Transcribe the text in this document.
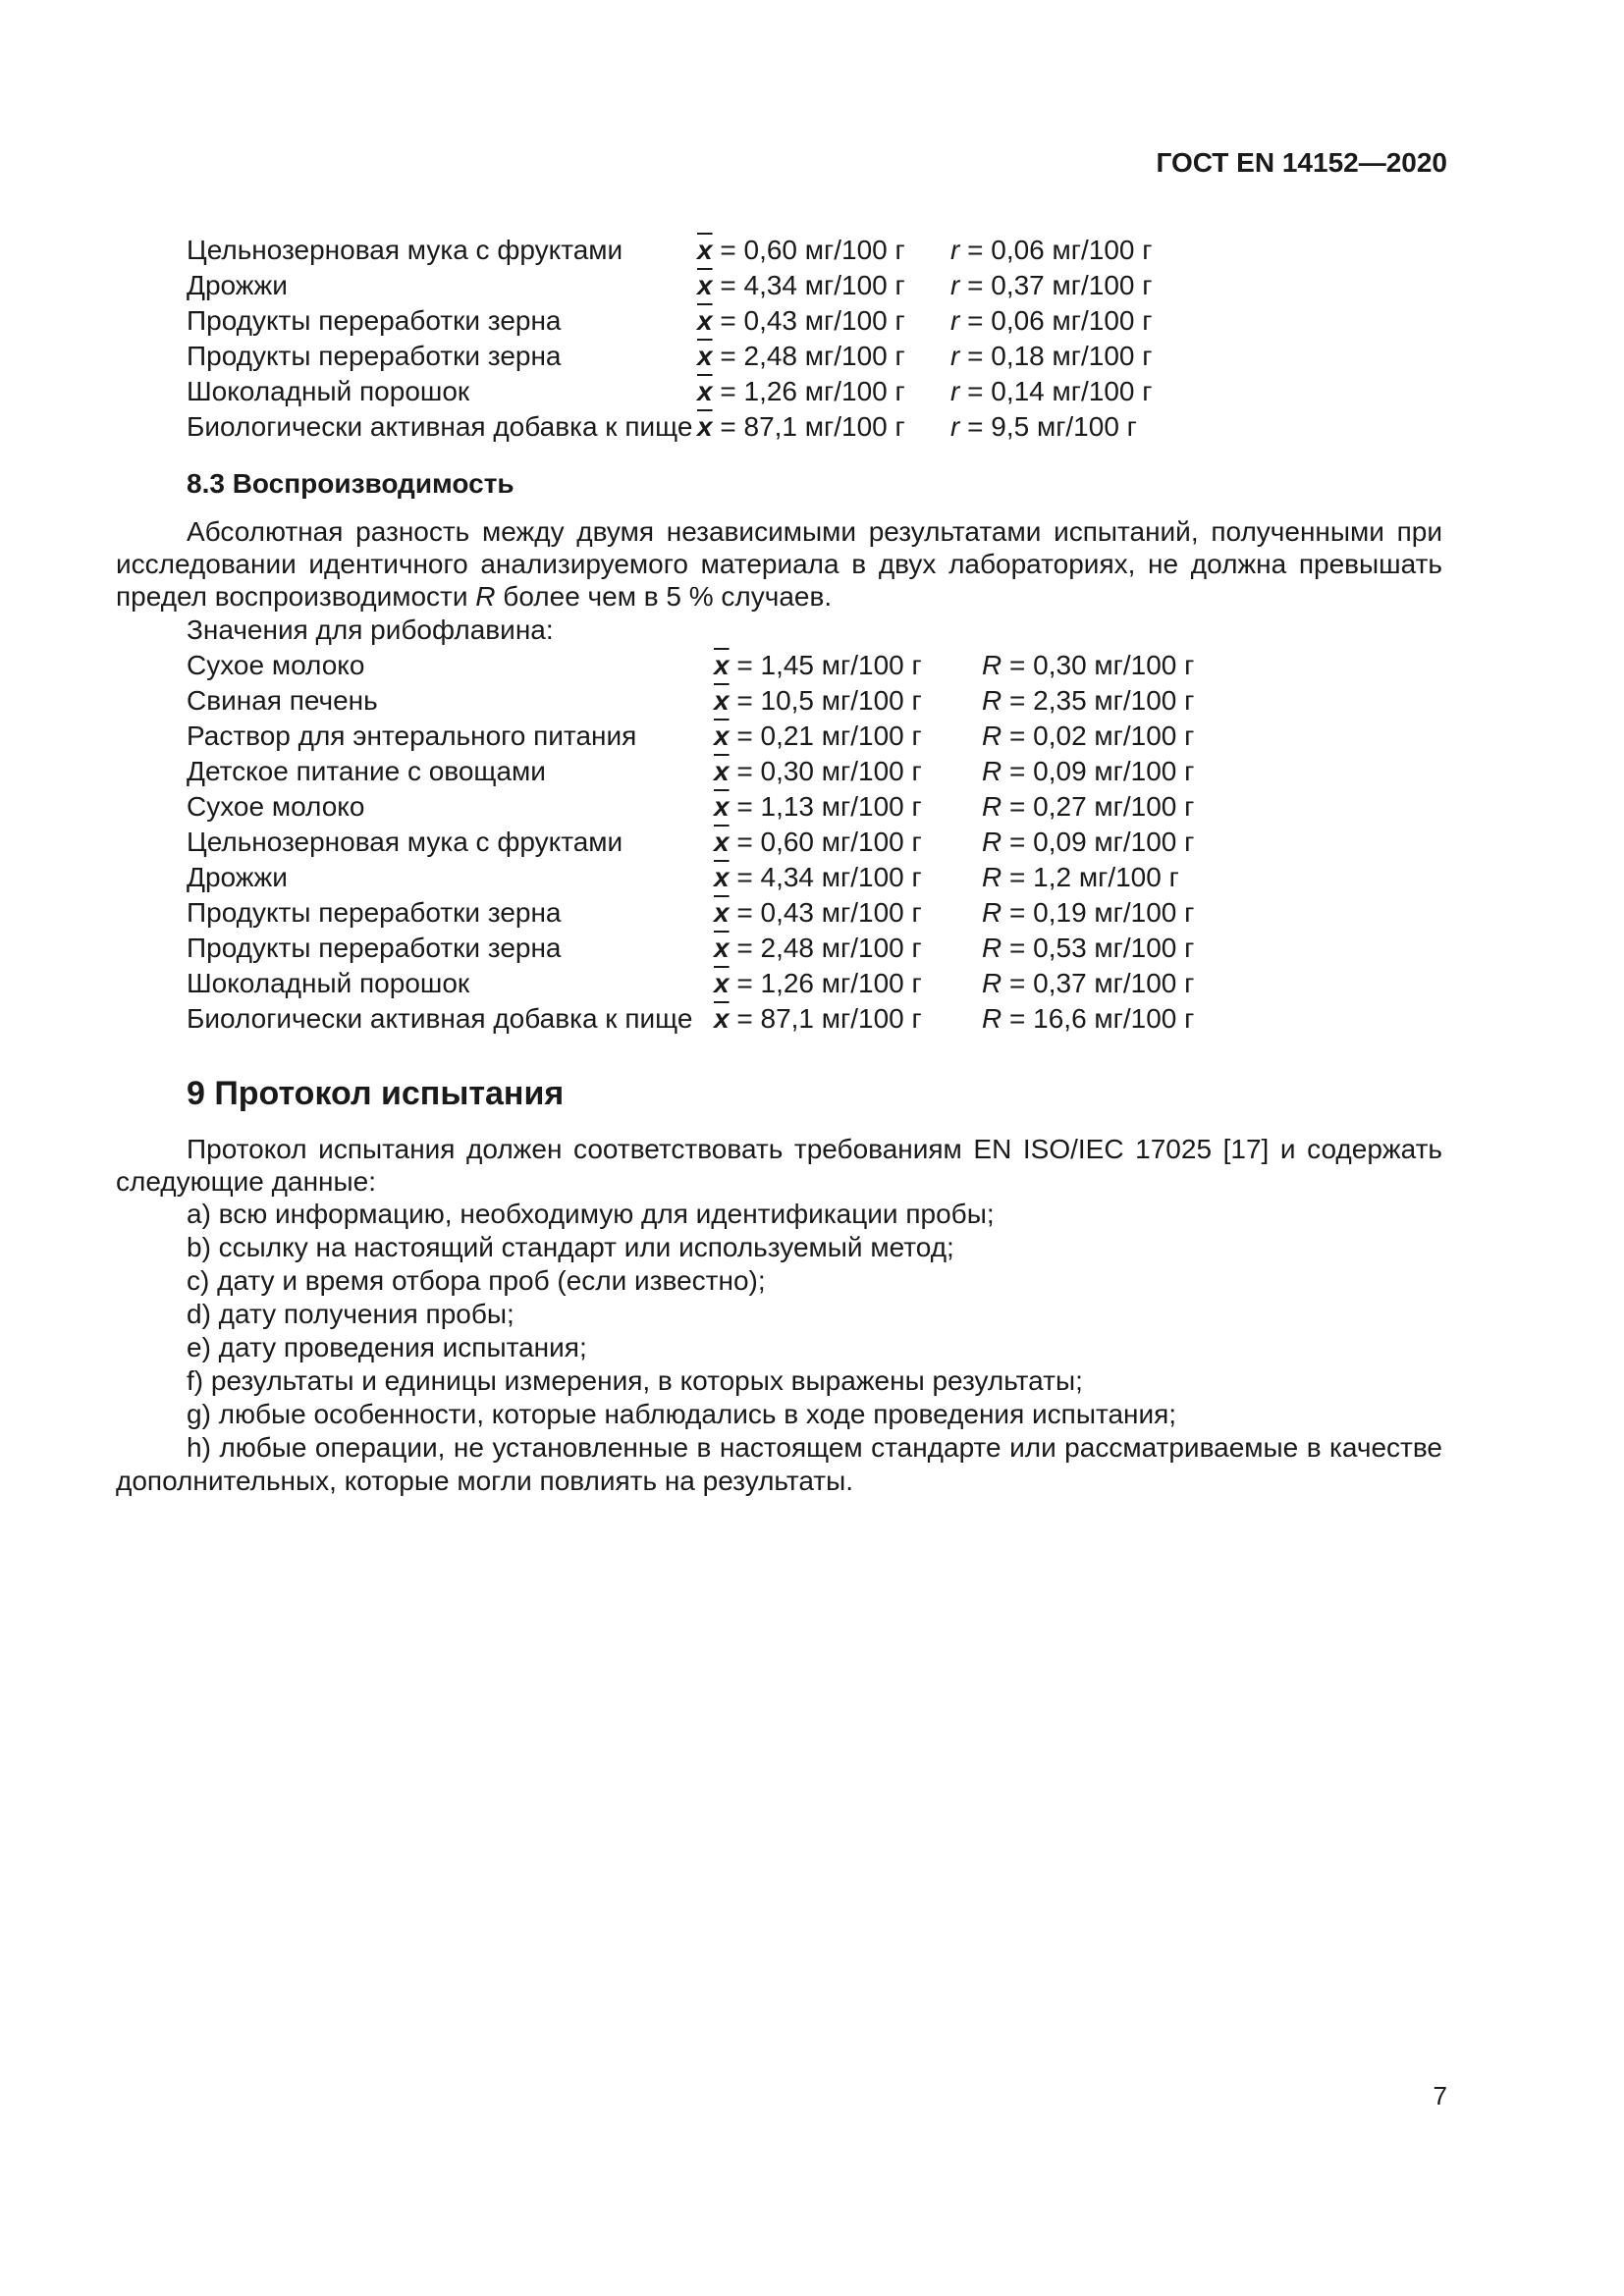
ГОСТ EN 14152—2020
Цельнозерновая мука с фруктами	$\overline{x} = 0,60$ мг/100 г r = 0,06 мг/100 г
Дрожжи	$\overline{x} = 4,34$ мг/100 г r = 0,37 мг/100 г
Продукты переработки зерна	$\overline{x} = 0,43$ мг/100 г r = 0,06 мг/100 г
Продукты переработки зерна	$\overline{x} = 2,48$ мг/100 г r = 0,18 мг/100 г
Шоколадный порошок	$\overline{x} = 1,26$ мг/100 г r = 0,14 мг/100 г
Биологически активная добавка к пище $\overline{x} = 87,1$ мг/100 г r = 9,5 мг/100 г
8.3 Воспроизводимость

Абсолютная разность между двумя независимыми результатами испытаний, полученными при исследовании идентичного анализируемого материала в двух лабораториях, не должна превышать предел воспроизводимости R более чем в 5 % случаев.

Значения для рибофлавина:
Сухое молоко	$\overline{x} = 1,45$ мг/100 г R = 0,30 мг/100 г
Свиная печень	$\overline{x} = 10,5$ мг/100 г R = 2,35 мг/100 г
Раствор для энтерального питания	$\overline{x} = 0,21$ мг/100 г R = 0,02 мг/100 г
Детское питание с овощами	$\overline{x} = 0,30$ мг/100 г R = 0,09 мг/100 г
Сухое молоко	$\overline{x} = 1,13$ мг/100 г R = 0,27 мг/100 г
Цельнозерновая мука с фруктами	$\overline{x} = 0,60$ мг/100 г R = 0,09 мг/100 г
Дрожжи	$\overline{x} = 4,34$ мг/100 г R = 1,2 мг/100 г
Продукты переработки зерна	$\overline{x} = 0,43$ мг/100 г R = 0,19 мг/100 г
Продукты переработки зерна	$\overline{x} = 2,48$ мг/100 г R = 0,53 мг/100 г
Шоколадный порошок	$\overline{x} = 1,26$ мг/100 г R = 0,37 мг/100 г
Биологически активная добавка к пище $\overline{x} = 87,1$ мг/100 г R = 16,6 мг/100 г
9 Протокол испытания

Протокол испытания должен соответствовать требованиям EN ISO/IEC 17025 [17] и содержать следующие данные:

а) всю информацию, необходимую для идентификации пробы;
b) ссылку на настоящий стандарт или используемый метод;
c) дату и время отбора проб (если известно);
d) дату получения пробы;
e) дату проведения испытания;
f) результаты и единицы измерения, в которых выражены результаты;
g) любые особенности, которые наблюдались в ходе проведения испытания;
h) любые операции, не установленные в настоящем стандарте или рассматриваемые в качестве дополнительных, которые могли повлиять на результаты.
7
